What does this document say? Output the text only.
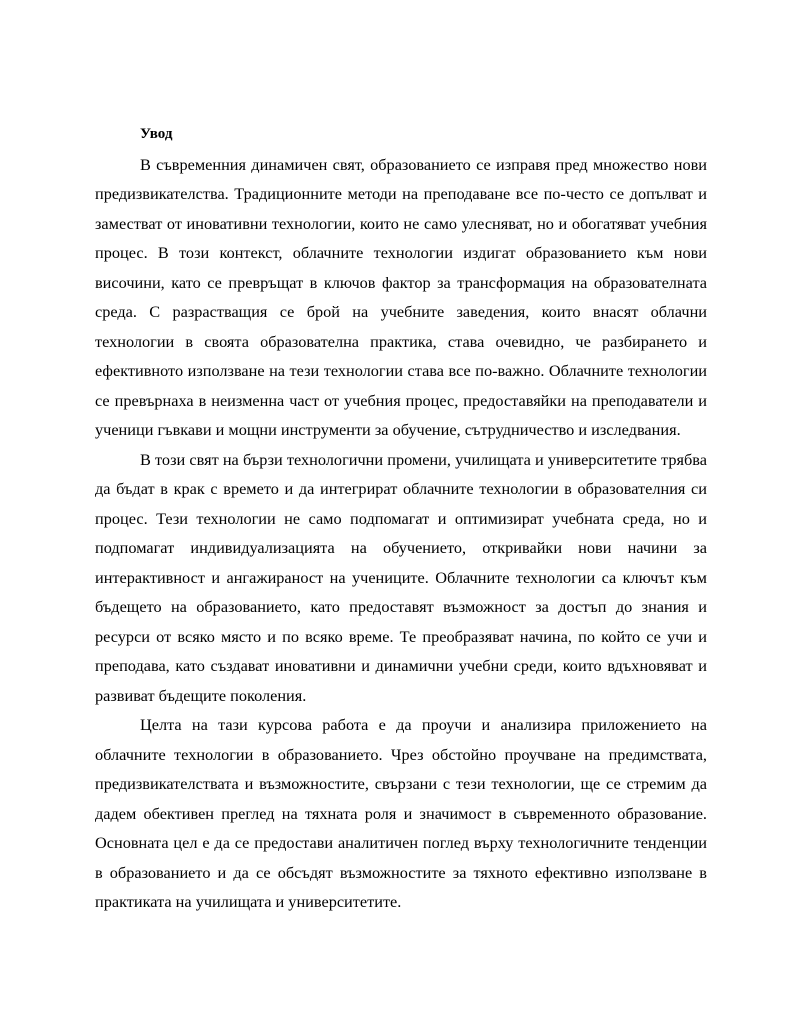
Увод

В съвременния динамичен свят, образованието се изправя пред множество нови предизвикателства. Традиционните методи на преподаване все по-често се допълват и заместват от иновативни технологии, които не само улесняват, но и обогатяват учебния процес. В този контекст, облачните технологии издигат образованието към нови височини, като се превръщат в ключов фактор за трансформация на образователната среда. С разрастващия се брой на учебните заведения, които внасят облачни технологии в своята образователна практика, става очевидно, че разбирането и ефективното използване на тези технологии става все по-важно. Облачните технологии се превърнаха в неизменна част от учебния процес, предоставяйки на преподаватели и ученици гъвкави и мощни инструменти за обучение, сътрудничество и изследвания.

В този свят на бързи технологични промени, училищата и университетите трябва да бъдат в крак с времето и да интегрират облачните технологии в образователния си процес. Тези технологии не само подпомагат и оптимизират учебната среда, но и подпомагат индивидуализацията на обучението, откривайки нови начини за интерактивност и ангажираност на учениците. Облачните технологии са ключът към бъдещето на образованието, като предоставят възможност за достъп до знания и ресурси от всяко място и по всяко време. Те преобразяват начина, по който се учи и преподава, като създават иновативни и динамични учебни среди, които вдъхновяват и развиват бъдещите поколения.

Целта на тази курсова работа е да проучи и анализира приложението на облачните технологии в образованието. Чрез обстойно проучване на предимствата, предизвикателствата и възможностите, свързани с тези технологии, ще се стремим да дадем обективен преглед на тяхната роля и значимост в съвременното образование. Основната цел е да се предостави аналитичен поглед върху технологичните тенденции в образованието и да се обсъдят възможностите за тяхното ефективно използване в практиката на училищата и университетите.
